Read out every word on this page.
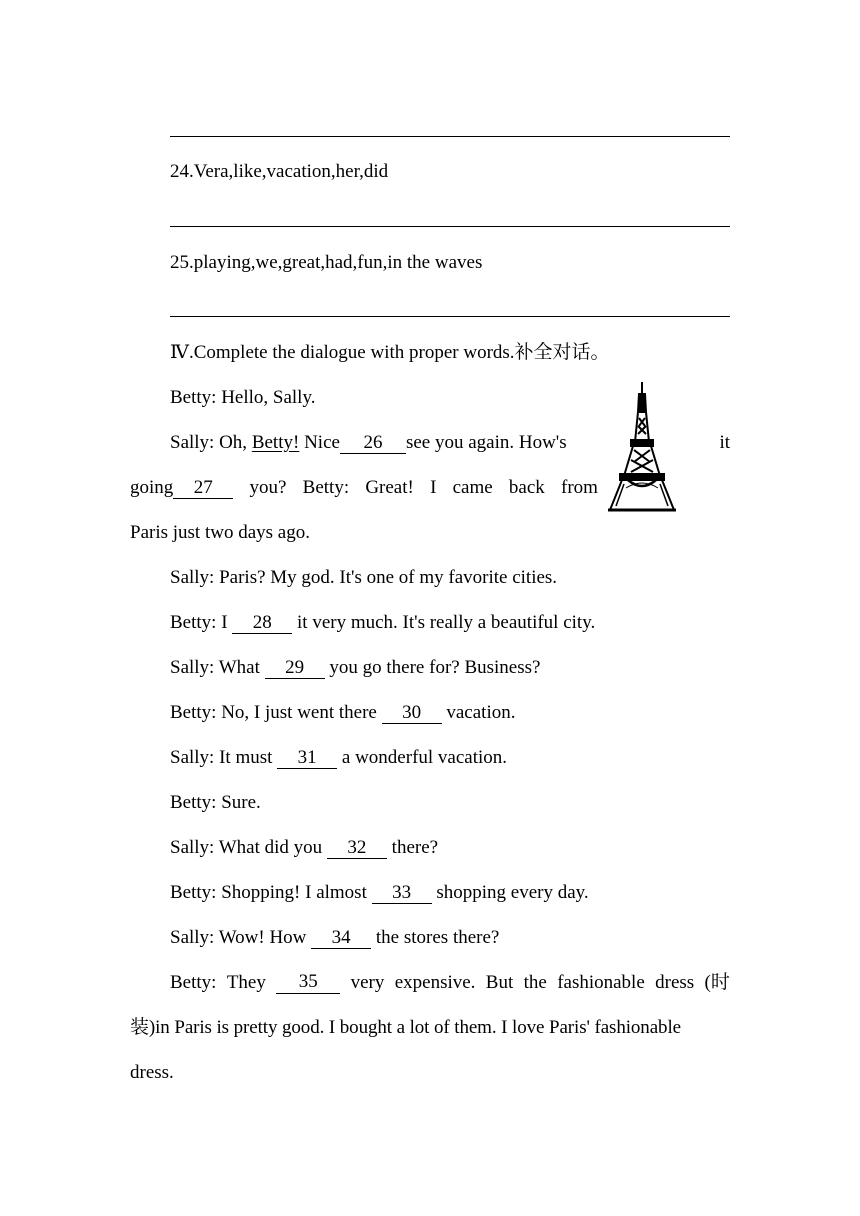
24.Vera,like,vacation,her,did
25.playing,we,great,had,fun,in the waves
Ⅳ.Complete the dialogue with proper words.补全对话。
Betty: Hello, Sally.
Sally: Oh, Betty! Nice 26 see you again. How's	it
going 27	you? Betty: Great! I came back from
Paris just two days ago.
Sally: Paris? My god. It's one of my favorite cities.
Betty: I 28 it very much. It's really a beautiful city.
Sally: What 29 you go there for? Business?
Betty: No, I just went there 30 vacation.
Sally: It must 31 a wonderful vacation.
Betty: Sure.
Sally: What did you 32 there?
Betty: Shopping! I almost 33 shopping every day.
Sally: Wow! How 34 the stores there?
Betty: They	35	very expensive. But the fashionable dress (时
装)in Paris is pretty good. I bought a lot of them. I love Paris' fashionable
dress.
